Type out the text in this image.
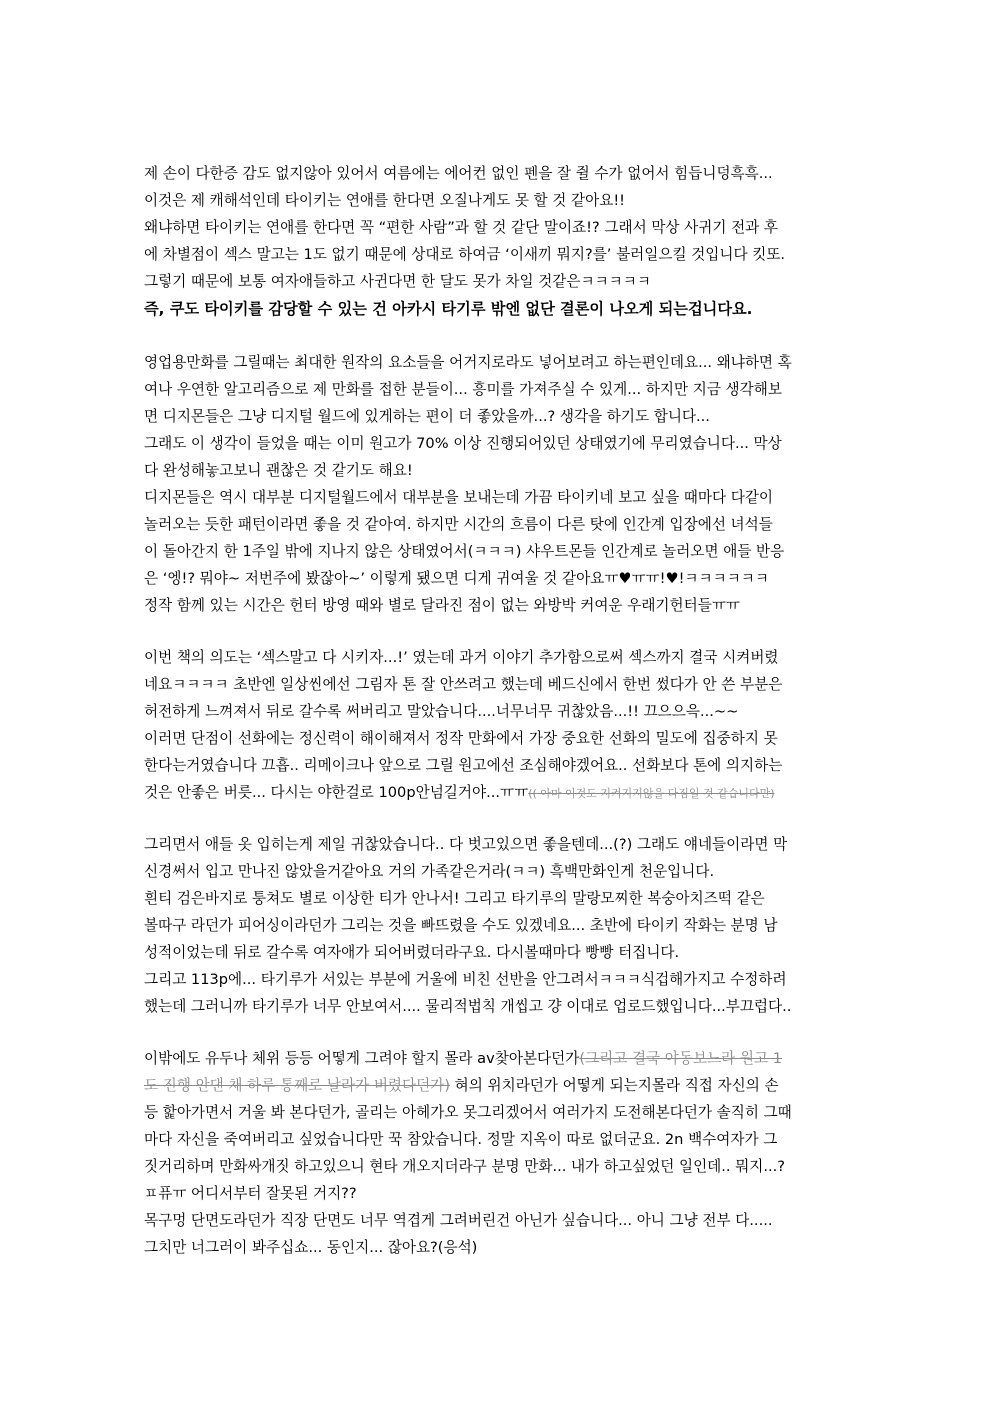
제 손이 다한증 감도 없지않아 있어서 여름에는 에어컨 없인 펜을 잘 쥘 수가 없어서 힘듭니덩흑흑...
이것은 제 캐해석인데 타이키는 연애를 한다면 오질나게도 못 할 것 같아요!!
왜냐하면 타이키는 연애를 한다면 꼭 “편한 사람”과 할 것 같단 말이죠!? 그래서 막상 사귀기 전과 후
에 차별점이 섹스 말고는 1도 없기 때문에 상대로 하여금 ‘이새끼 뭐지?를’ 불러일으킬 것입니다 킷또.
그렇기 때문에 보통 여자애들하고 사귄다면 한 달도 못가 차일 것같은ㅋㅋㅋㅋㅋ
즉, 쿠도 타이키를 감당할 수 있는 건 아카시 타기루 밖엔 없단 결론이 나오게 되는겁니다요.
영업용만화를 그릴때는 최대한 원작의 요소들을 어거지로라도 넣어보려고 하는편인데요... 왜냐하면 혹
여나 우연한 알고리즘으로 제 만화를 접한 분들이... 흥미를 가져주실 수 있게... 하지만 지금 생각해보
면 디지몬들은 그냥 디지털 월드에 있게하는 편이 더 좋았을까...? 생각을 하기도 합니다...
그래도 이 생각이 들었을 때는 이미 원고가 70% 이상 진행되어있던 상태였기에 무리였습니다... 막상
다 완성해놓고보니 괜찮은 것 같기도 해요!
디지몬들은 역시 대부분 디지털월드에서 대부분을 보내는데 가끔 타이키네 보고 싶을 때마다 다같이
놀러오는 듯한 패턴이라면 좋을 것 같아여. 하지만 시간의 흐름이 다른 탓에 인간계 입장에선 녀석들
이 돌아간지 한 1주일 밖에 지나지 않은 상태였어서(ㅋㅋㅋ) 샤우트몬들 인간계로 놀러오면 애들 반응
은 ‘엥!? 뭐야~ 저번주에 봤잖아~’ 이렇게 됐으면 디게 귀여울 것 같아요ㅠ♥ㅠㅠ!♥!ㅋㅋㅋㅋㅋㅋ
정작 함께 있는 시간은 헌터 방영 때와 별로 달라진 점이 없는 와방박 커여운 우래기헌터들ㅠㅠ
이번 책의 의도는 ‘섹스말고 다 시키자...!’ 였는데 과거 이야기 추가함으로써 섹스까지 결국 시켜버렸
네요ㅋㅋㅋㅋ 초반엔 일상씬에선 그림자 톤 잘 안쓰려고 했는데 베드신에서 한번 썼다가 안 쓴 부분은
허전하게 느껴져서 뒤로 갈수록 써버리고 말았습니다....너무너무 귀찮았음...!! 끄으으윽...~~
이러면 단점이 선화에는 정신력이 해이해져서 정작 만화에서 가장 중요한 선화의 밀도에 집중하지 못
한다는거였습니다 끄흡.. 리메이크나 앞으로 그릴 원고에선 조심해야겠어요.. 선화보다 톤에 의지하는
것은 안좋은 버릇... 다시는 야한걸로 100p안넘길거야...ㅠㅠ(( 아마 이것도 지켜지지않을 다짐일 것 같습니다만)
그리면서 애들 옷 입히는게 제일 귀찮았습니다.. 다 벗고있으면 좋을텐데...(?) 그래도 얘네들이라면 막
신경써서 입고 만나진 않았을거같아요 거의 가족같은거라(ㅋㅋ) 흑백만화인게 천운입니다.
흰티 검은바지로 퉁쳐도 별로 이상한 티가 안나서! 그리고 타기루의 말랑모찌한 복숭아치즈떡 같은
볼따구 라던가 피어싱이라던가 그리는 것을 빠뜨렸을 수도 있겠네요... 초반에 타이키 작화는 분명 남
성적이었는데 뒤로 갈수록 여자애가 되어버렸더라구요. 다시볼때마다 빵빵 터집니다.
그리고 113p에... 타기루가 서있는 부분에 거울에 비친 선반을 안그려서ㅋㅋㅋ식겁해가지고 수정하려
했는데 그러니까 타기루가 너무 안보여서.... 물리적법칙 개씹고 걍 이대로 업로드했입니다...부끄럽다..
이밖에도 유두나 체위 등등 어떻게 그려야 할지 몰라 av찾아본다던가(그리고 결국 야동보느라 원고 1
도 진행 안댄 채 하루 통째로 날라가 버렸다던가) 혀의 위치라던가 어떻게 되는지몰라 직접 자신의 손
등 핥아가면서 거울 봐 본다던가, 골리는 아헤가오 못그리겠어서 여러가지 도전해본다던가 솔직히 그때
마다 자신을 죽여버리고 싶었습니다만 꾹 참았습니다. 정말 지옥이 따로 없더군요. 2n 백수여자가 그
짓거리하며 만화싸개짓 하고있으니 현타 개오지더라구 분명 만화... 내가 하고싶었던 일인데.. 뭐지...?
ㅍ퓨ㅠ 어디서부터 잘못된 거지??
목구멍 단면도라던가 직장 단면도 너무 역겹게 그려버린건 아닌가 싶습니다... 아니 그냥 전부 다.....
그치만 너그러이 봐주십쇼... 동인지... 잖아요?(응석)
